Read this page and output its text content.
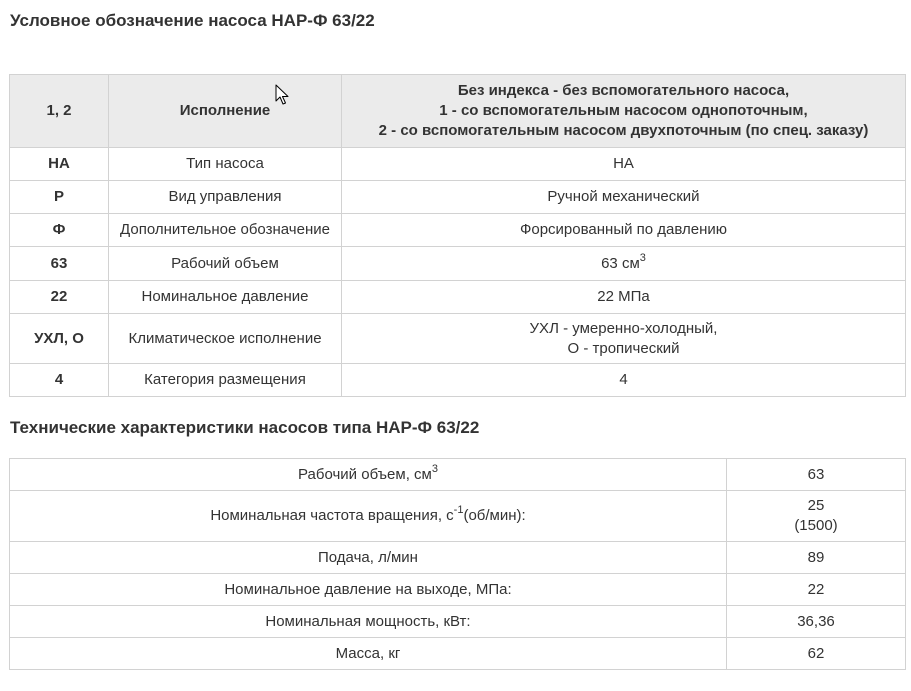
Условное обозначение насоса НАР-Ф 63/22
1, 2	Исполнение	Без индекса - без вспомогательного насоса,
1 - со вспомогательным насосом однопоточным,
2 - со вспомогательным насосом двухпоточным (по спец. заказу)
НА	Тип насоса	НА
Р	Вид управления	Ручной механический
Ф	Дополнительное обозначение	Форсированный по давлению
63	Рабочий объем	63 $см^3$
22	Номинальное давление	22 МПа
УХЛ, О	Климатическое исполнение	УХЛ - умеренно-холодный,
О - тропический
4	Категория размещения	4
Технические характеристики насосов типа НАР-Ф 63/22
Рабочий объем, $см^3$	63
Номинальная частота вращения, $с^{-1}(об/мин)$:	25
(1500)
Подача, л/мин	89
Номинальное давление на выходе, МПа:	22
Номинальная мощность, кВт:	36,36
Масса, кг	62
